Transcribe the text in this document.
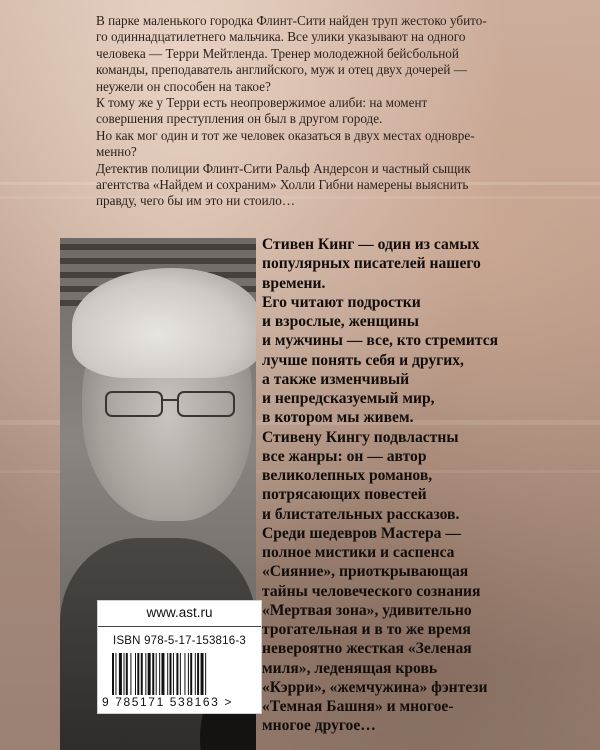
В парке маленького городка Флинт-Сити найден труп жестоко убито-

го одиннадцатилетнего мальчика. Все улики указывают на одного

человека — Терри Мейтленда. Тренер молодежной бейсбольной

команды, преподаватель английского, муж и отец двух дочерей —

неужели он способен на такое?

К тому же у Терри есть неопровержимое алиби: на момент

совершения преступления он был в другом городе.

Но как мог один и тот же человек оказаться в двух местах одновре-

менно?

Детектив полиции Флинт-Сити Ральф Андерсон и частный сыщик

агентства «Найдем и сохраним» Холли Гибни намерены выяснить

правду, чего бы им это ни стоило…

Стивен Кинг — один из самых

популярных писателей нашего

времени.

Его читают подростки

и взрослые, женщины

и мужчины — все, кто стремится

лучше понять себя и других,

а также изменчивый

и непредсказуемый мир,

в котором мы живем.

Стивену Кингу подвластны

все жанры: он — автор

великолепных романов,

потрясающих повестей

и блистательных рассказов.

Среди шедевров Мастера —

полное мистики и саспенса

«Сияние», приоткрывающая

тайны человеческого сознания

«Мертвая зона», удивительно

трогательная и в то же время

невероятно жесткая «Зеленая

миля», леденящая кровь

«Кэрри», «жемчужина» фэнтези

«Темная Башня» и многое-

многое другое…

www.ast.ru
ISBN 978-5-17-153816-3
9 785171 538163 >
